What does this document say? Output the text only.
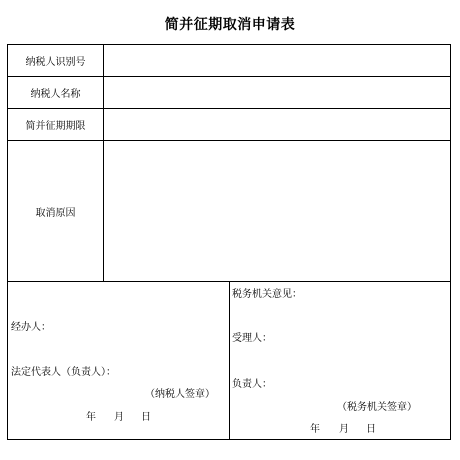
简并征期取消申请表
纳税人识别号
纳税人名称
简并征期期限
取消原因
经办人：
法定代表人（负责人）：
（纳税人签章）
年 月 日
税务机关意见：
受理人：
负责人：
（税务机关签章）
年 月 日
